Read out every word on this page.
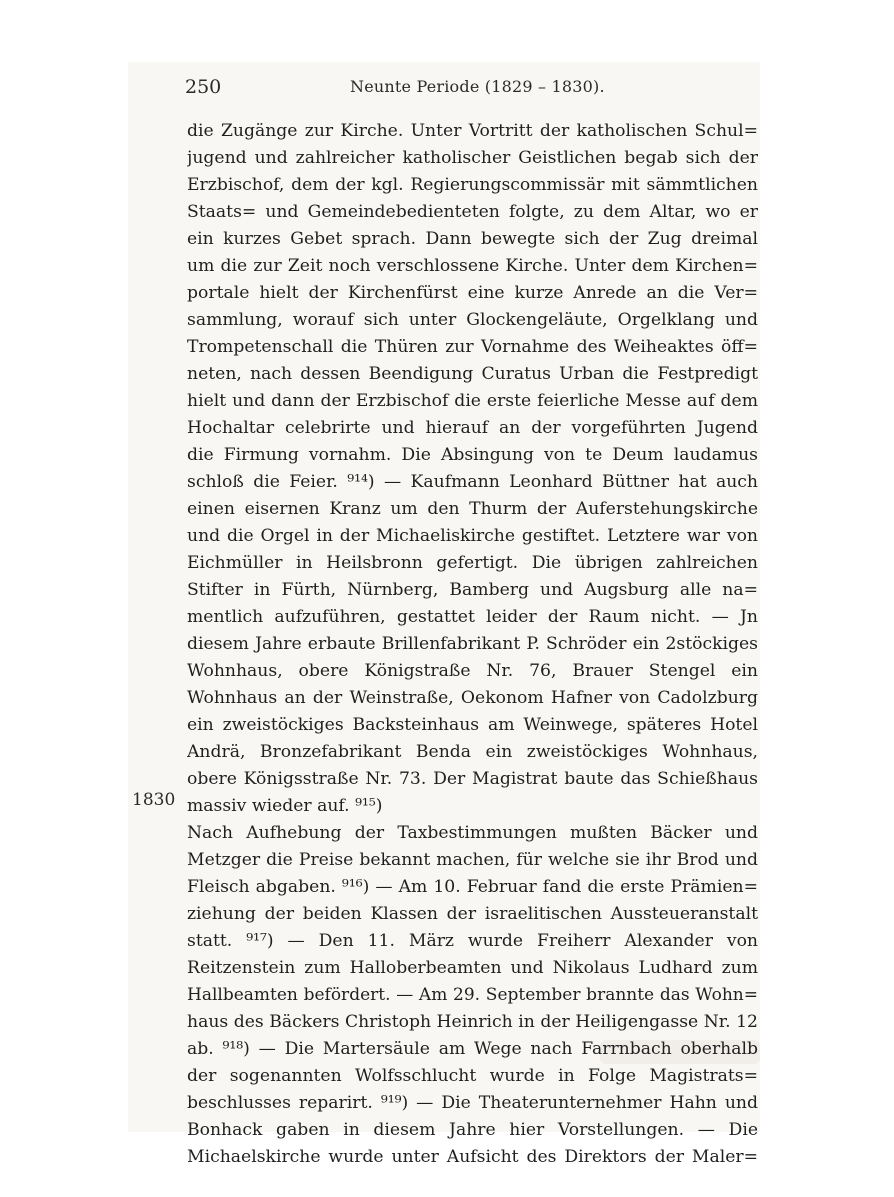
250	Neunte Periode (1829 – 1830).
1830
die Zugänge zur Kirche. Unter Vortritt der katholischen Schul=
jugend und zahlreicher katholischer Geistlichen begab sich der
Erzbischof, dem der kgl. Regierungscommissär mit sämmtlichen
Staats= und Gemeindebedienteten folgte, zu dem Altar, wo er
ein kurzes Gebet sprach. Dann bewegte sich der Zug dreimal
um die zur Zeit noch verschlossene Kirche. Unter dem Kirchen=
portale hielt der Kirchenfürst eine kurze Anrede an die Ver=
sammlung, worauf sich unter Glockengeläute, Orgelklang und
Trompetenschall die Thüren zur Vornahme des Weiheaktes öff=
neten, nach dessen Beendigung Curatus Urban die Festpredigt
hielt und dann der Erzbischof die erste feierliche Messe auf dem
Hochaltar celebrirte und hierauf an der vorgeführten Jugend
die Firmung vornahm. Die Absingung von te Deum laudamus
schloß die Feier. ⁹¹⁴) — Kaufmann Leonhard Büttner hat auch
einen eisernen Kranz um den Thurm der Auferstehungskirche
und die Orgel in der Michaeliskirche gestiftet. Letztere war von
Eichmüller in Heilsbronn gefertigt. Die übrigen zahlreichen
Stifter in Fürth, Nürnberg, Bamberg und Augsburg alle na=
mentlich aufzuführen, gestattet leider der Raum nicht. — Jn
diesem Jahre erbaute Brillenfabrikant P. Schröder ein 2stöckiges
Wohnhaus, obere Königstraße Nr. 76, Brauer Stengel ein
Wohnhaus an der Weinstraße, Oekonom Hafner von Cadolzburg
ein zweistöckiges Backsteinhaus am Weinwege, späteres Hotel
Andrä, Bronzefabrikant Benda ein zweistöckiges Wohnhaus,
obere Königsstraße Nr. 73. Der Magistrat baute das Schießhaus
massiv wieder auf. ⁹¹⁵)
Nach Aufhebung der Taxbestimmungen mußten Bäcker und
Metzger die Preise bekannt machen, für welche sie ihr Brod und
Fleisch abgaben. ⁹¹⁶) — Am 10. Februar fand die erste Prämien=
ziehung der beiden Klassen der israelitischen Aussteueranstalt
statt. ⁹¹⁷) — Den 11. März wurde Freiherr Alexander von
Reitzenstein zum Halloberbeamten und Nikolaus Ludhard zum
Hallbeamten befördert. — Am 29. September brannte das Wohn=
haus des Bäckers Christoph Heinrich in der Heiligengasse Nr. 12
ab. ⁹¹⁸) — Die Martersäule am Wege nach Farrnbach oberhalb
der sogenannten Wolfsschlucht wurde in Folge Magistrats=
beschlusses reparirt. ⁹¹⁹) — Die Theaterunternehmer Hahn und
Bonhack gaben in diesem Jahre hier Vorstellungen. — Die
Michaelskirche wurde unter Aufsicht des Direktors der Maler=
